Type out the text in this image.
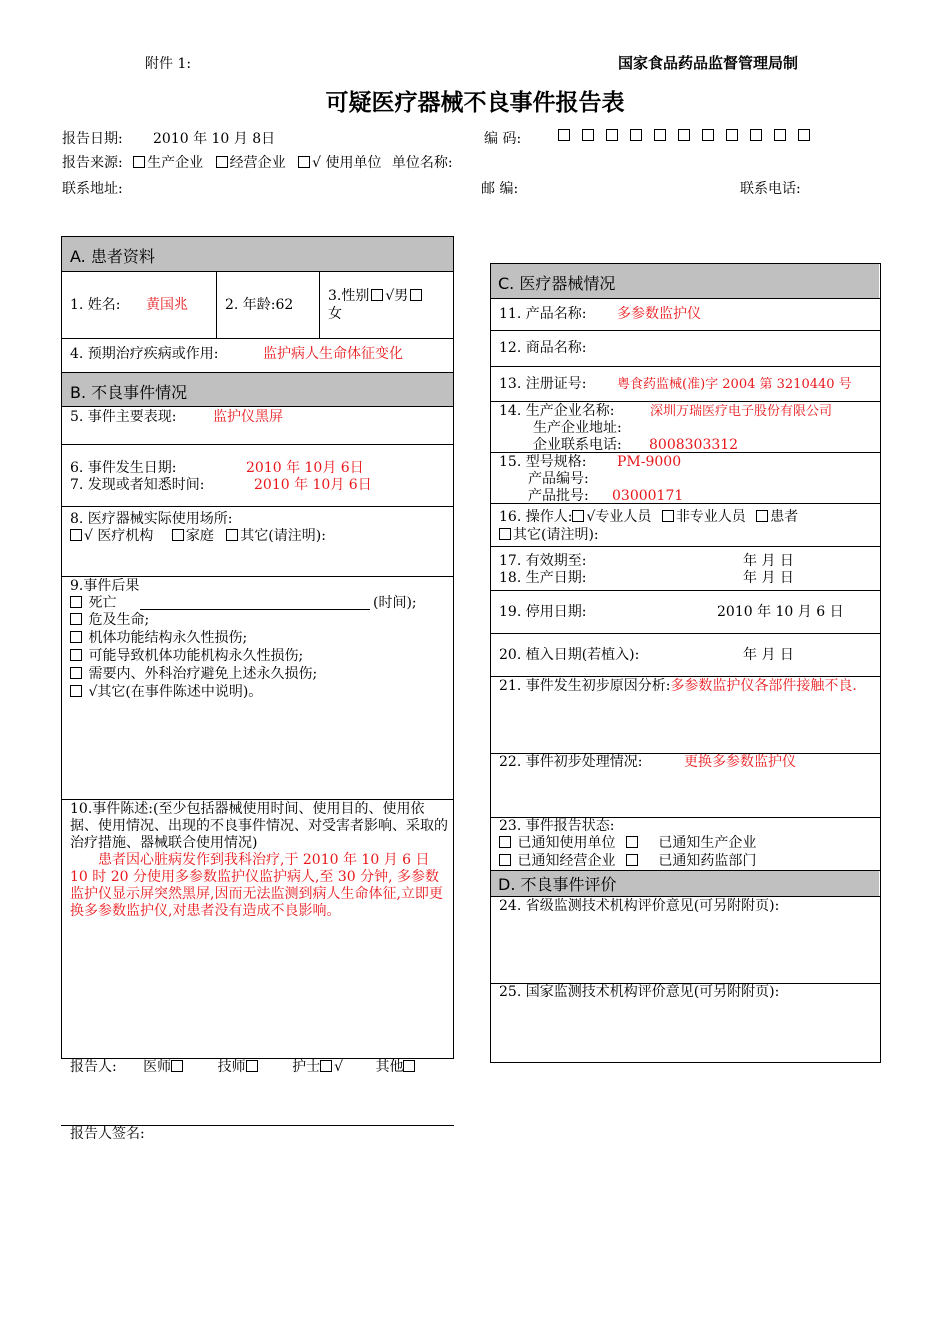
附件 1:	国家食品药品监督管理局制
可疑医疗器械不良事件报告表
报告日期: 2010 年 10 月 8日	编 码:
报告来源: 生产企业 经营企业 √ 使用单位 单位名称:
联系地址:	邮 编:	联系电话:
A. 患者资料
1. 姓名: 黄国兆	2. 年龄:62
3.性别 √男
女
4. 预期治疗疾病或作用:	监护病人生命体征变化
B. 不良事件情况
5. 事件主要表现:	监护仪黑屏
6. 事件发生日期:	2010 年 10月 6日
7. 发现或者知悉时间:	2010 年 10月 6日
8. 医疗器械实际使用场所:
√ 医疗机构 家庭 其它(请注明):
9.事件后果
死亡	(时间);
危及生命;
机体功能结构永久性损伤;
可能导致机体功能机构永久性损伤;
需要内、外科治疗避免上述永久损伤;
√其它(在事件陈述中说明)。
10.事件陈述:(至少包括器械使用时间、使用目的、使用依据、使用情况、出现的不良事件情况、对受害者影响、采取的治疗措施、器械联合使用情况)
患者因心脏病发作到我科治疗,于 2010 年 10 月 6 日 10 时 20 分使用多参数监护仪监护病人,至 30 分钟, 多参数监护仪显示屏突然黑屏,因而无法监测到病人生命体征,立即更换多参数监护仪,对患者没有造成不良影响。
报告人: 医师	技师	护士 √ 其他
报告人签名:
C. 医疗器械情况
11. 产品名称: 多参数监护仪
12. 商品名称:
13. 注册证号: 粤食药监械(准)字 2004 第 3210440 号
14. 生产企业名称:	深圳万瑞医疗电子股份有限公司
生产企业地址:
企业联系电话: 8008303312
15. 型号规格: PM-9000
产品编号:
产品批号: 03000171
16. 操作人: √专业人员 非专业人员 患者
其它(请注明):
17. 有效期至:	年 月 日
18. 生产日期:	年 月 日
19. 停用日期:	2010 年 10 月 6 日
20. 植入日期(若植入):	年 月 日
21. 事件发生初步原因分析:多参数监护仪各部件接触不良.
22. 事件初步处理情况:	更换多参数监护仪
23. 事件报告状态:
已通知使用单位	已通知生产企业
已通知经营企业	已通知药监部门
D. 不良事件评价
24. 省级监测技术机构评价意见(可另附附页):
25. 国家监测技术机构评价意见(可另附附页):
